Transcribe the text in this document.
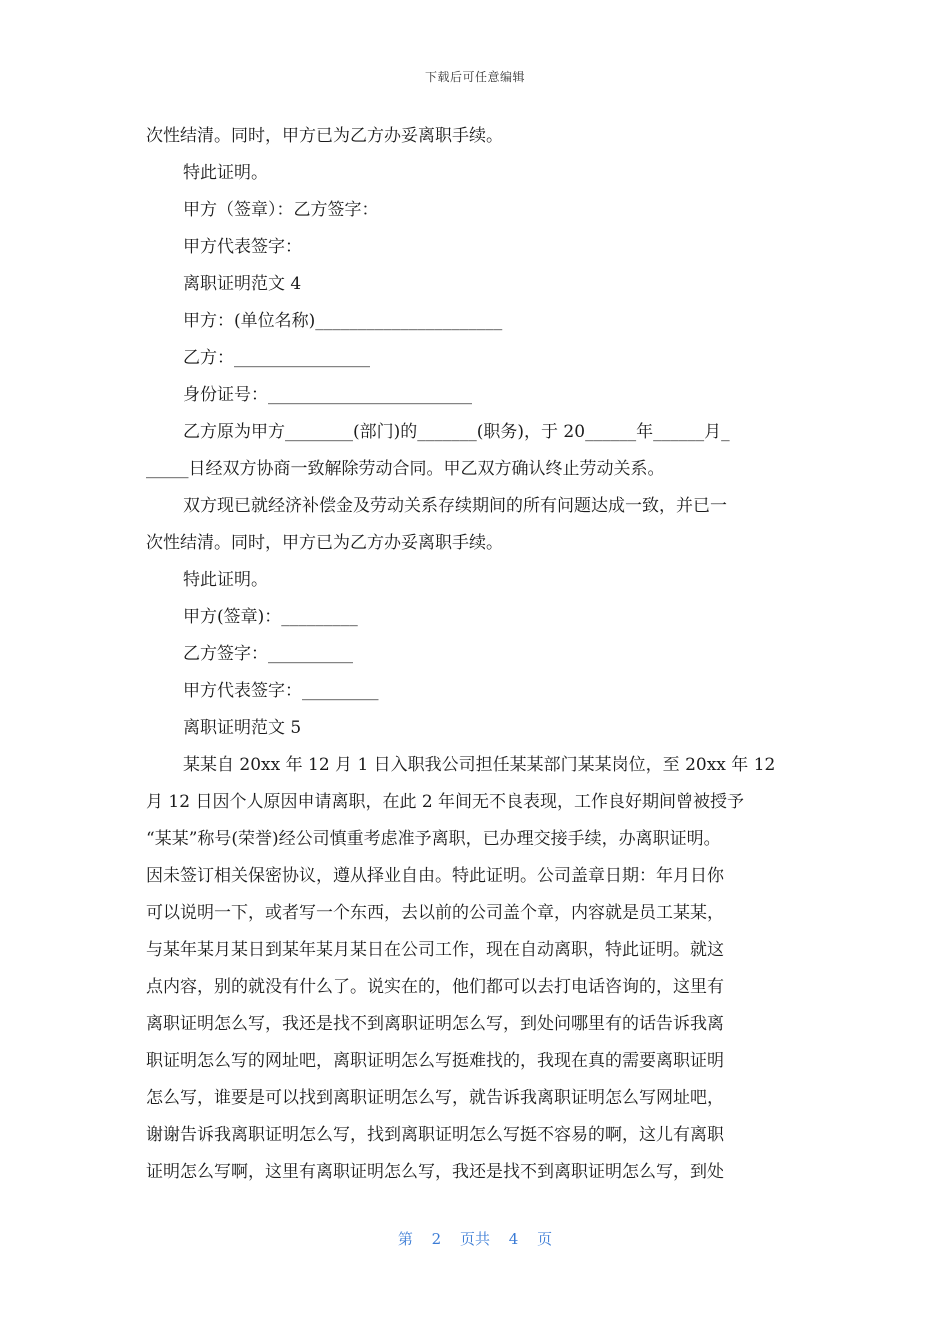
下载后可任意编辑
次性结清。同时，甲方已为乙方办妥离职手续。
特此证明。
甲方（签章）：乙方签字：
甲方代表签字：
离职证明范文 4
甲方：(单位名称)______________________
乙方：________________
身份证号：________________________
乙方原为甲方________(部门)的_______(职务)，于 20______年______月_
_____日经双方协商一致解除劳动合同。甲乙双方确认终止劳动关系。
双方现已就经济补偿金及劳动关系存续期间的所有问题达成一致，并已一
次性结清。同时，甲方已为乙方办妥离职手续。
特此证明。
甲方(签章)：_________
乙方签字：__________
甲方代表签字：_________
离职证明范文 5
某某自 20xx 年 12 月 1 日入职我公司担任某某部门某某岗位，至 20xx 年 12
月 12 日因个人原因申请离职，在此 2 年间无不良表现，工作良好期间曾被授予
“某某”称号(荣誉)经公司慎重考虑准予离职，已办理交接手续，办离职证明。
因未签订相关保密协议，遵从择业自由。特此证明。公司盖章日期：年月日你
可以说明一下，或者写一个东西，去以前的公司盖个章，内容就是员工某某，
与某年某月某日到某年某月某日在公司工作，现在自动离职，特此证明。就这
点内容，别的就没有什么了。说实在的，他们都可以去打电话咨询的，这里有
离职证明怎么写，我还是找不到离职证明怎么写，到处问哪里有的话告诉我离
职证明怎么写的网址吧，离职证明怎么写挺难找的，我现在真的需要离职证明
怎么写，谁要是可以找到离职证明怎么写，就告诉我离职证明怎么写网址吧，
谢谢告诉我离职证明怎么写，找到离职证明怎么写挺不容易的啊，这儿有离职
证明怎么写啊，这里有离职证明怎么写，我还是找不到离职证明怎么写，到处
第 2 页共 4 页
